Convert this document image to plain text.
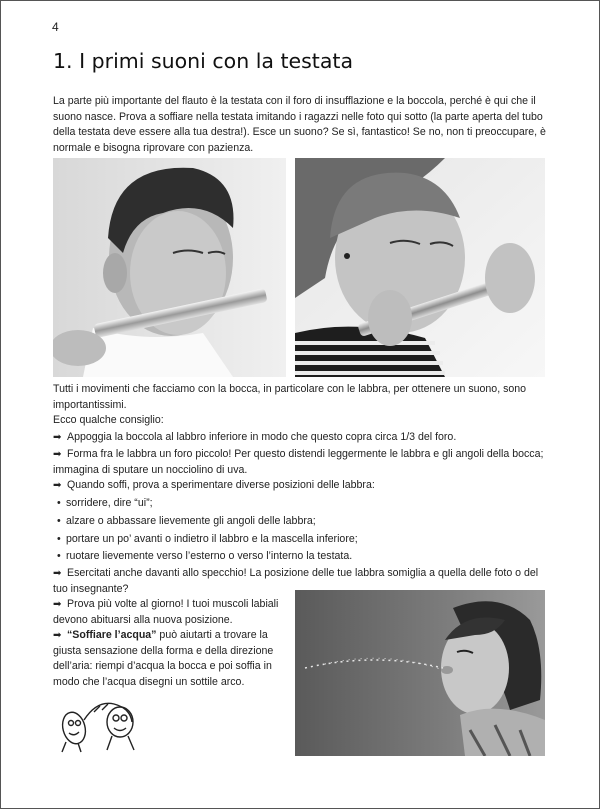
4
1. I primi suoni con la testata

La parte più importante del flauto è la testata con il foro di insufflazione e la boccola, perché è qui che il suono nasce. Prova a soffiare nella testata imitando i ragazzi nelle foto qui sotto (la parte aperta del tubo della testata deve essere alla tua destra!). Esce un suono? Se sì, fantastico! Se no, non ti preoccupare, è normale e bisogna riprovare con pazienza.

Tutti i movimenti che facciamo con la bocca, in particolare con le labbra, per ottenere un suono, sono importantissimi.

Ecco qualche consiglio:

➡ Appoggia la boccola al labbro inferiore in modo che questo copra circa 1/3 del foro.

➡ Forma fra le labbra un foro piccolo! Per questo distendi leggermente le labbra e gli angoli della bocca; immagina di sputare un nocciolino di uva.

➡ Quando soffi, prova a sperimentare diverse posizioni delle labbra:

• sorridere, dire “ui”;
• alzare o abbassare lievemente gli angoli delle labbra;
• portare un po’ avanti o indietro il labbro e la mascella inferiore;
• ruotare lievemente verso l’esterno o verso l’interno la testata.

➡ Esercitati anche davanti allo specchio! La posizione delle tue labbra somiglia a quella delle foto o del tuo insegnante?

➡ Prova più volte al giorno! I tuoi muscoli labiali devono abituarsi alla nuova posizione.

➡ “Soffiare l’acqua” può aiutarti a trovare la giusta sensazione della forma e della direzione dell’aria: riempi d’acqua la bocca e poi soffia in modo che l’acqua disegni un sottile arco.
